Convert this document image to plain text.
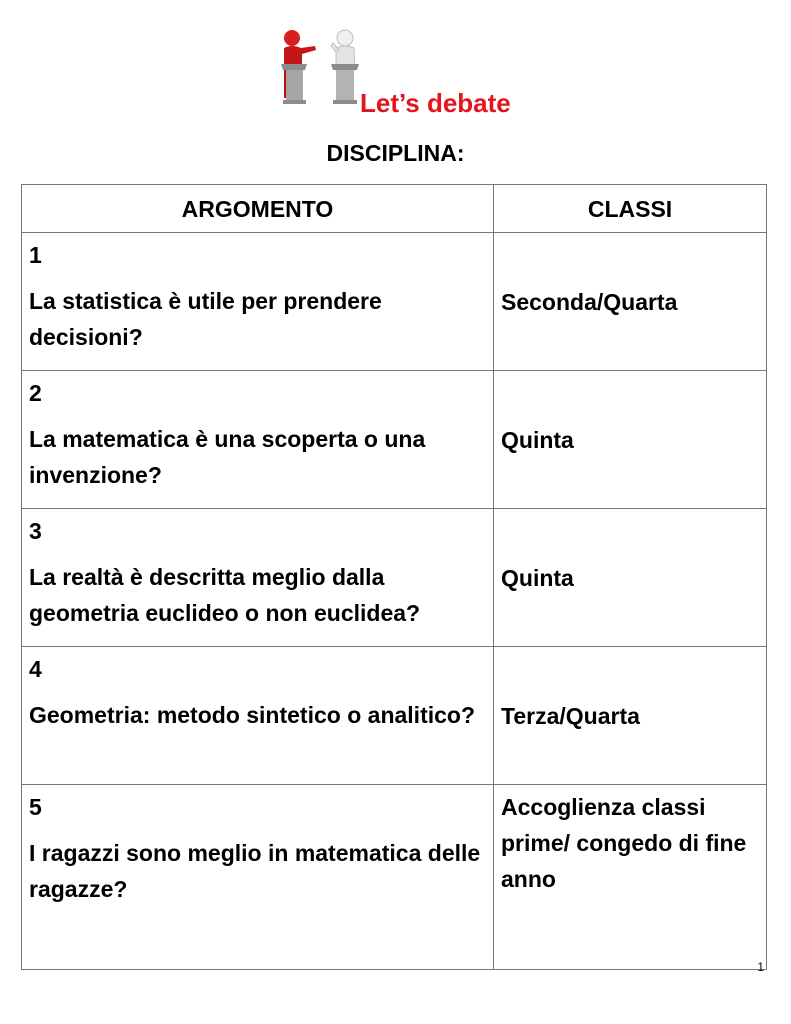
Let’s debate
DISCIPLINA:
ARGOMENTO	CLASSI

1
La statistica è utile per prendere decisioni?	Seconda/Quarta

2
La matematica è una scoperta o una invenzione?	Quinta

3
La realtà è descritta meglio dalla geometria euclideo o non euclidea?	Quinta

4
Geometria: metodo sintetico o analitico?	Terza/Quarta

5
I ragazzi sono meglio in matematica delle ragazze?	Accoglienza classi prime/ congedo di fine anno
1
